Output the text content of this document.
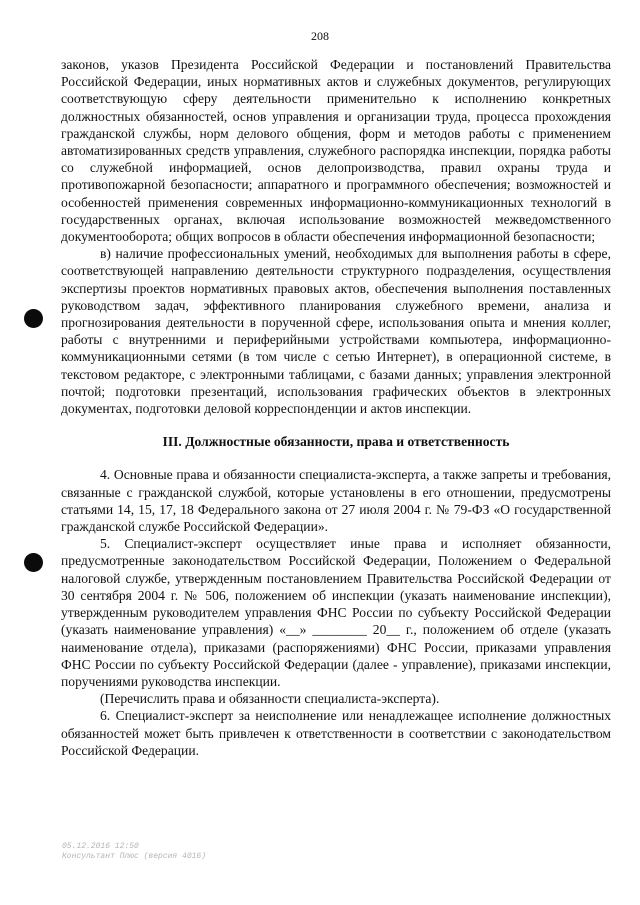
208

законов, указов Президента Российской Федерации и постановлений Правительства Российской Федерации, иных нормативных актов и служебных документов, регулирующих соответствующую сферу деятельности применительно к исполнению конкретных должностных обязанностей, основ управления и организации труда, процесса прохождения гражданской службы, норм делового общения, форм и методов работы с применением автоматизированных средств управления, служебного распорядка инспекции, порядка работы со служебной информацией, основ делопроизводства, правил охраны труда и противопожарной безопасности; аппаратного и программного обеспечения; возможностей и особенностей применения современных информационно-коммуникационных технологий в государственных органах, включая использование возможностей межведомственного документооборота; общих вопросов в области обеспечения информационной безопасности;

в) наличие профессиональных умений, необходимых для выполнения работы в сфере, соответствующей направлению деятельности структурного подразделения, осуществления экспертизы проектов нормативных правовых актов, обеспечения выполнения поставленных руководством задач, эффективного планирования служебного времени, анализа и прогнозирования деятельности в порученной сфере, использования опыта и мнения коллег, работы с внутренними и периферийными устройствами компьютера, информационно-коммуникационными сетями (в том числе с сетью Интернет), в операционной системе, в текстовом редакторе, с электронными таблицами, с базами данных; управления электронной почтой; подготовки презентаций, использования графических объектов в электронных документах, подготовки деловой корреспонденции и актов инспекции.

III. Должностные обязанности, права и ответственность

4. Основные права и обязанности специалиста-эксперта, а также запреты и требования, связанные с гражданской службой, которые установлены в его отношении, предусмотрены статьями 14, 15, 17, 18 Федерального закона от 27 июля 2004 г. № 79-ФЗ «О государственной гражданской службе Российской Федерации».

5. Специалист-эксперт осуществляет иные права и исполняет обязанности, предусмотренные законодательством Российской Федерации, Положением о Федеральной налоговой службе, утвержденным постановлением Правительства Российской Федерации от 30 сентября 2004 г. № 506, положением об инспекции (указать наименование инспекции), утвержденным руководителем управления ФНС России по субъекту Российской Федерации (указать наименование управления) «__» ________ 20__ г., положением об отделе (указать наименование отдела), приказами (распоряжениями) ФНС России, приказами управления ФНС России по субъекту Российской Федерации (далее - управление), приказами инспекции, поручениями руководства инспекции.

(Перечислить права и обязанности специалиста-эксперта).

6. Специалист-эксперт за неисполнение или ненадлежащее исполнение должностных обязанностей может быть привлечен к ответственности в соответствии с законодательством Российской Федерации.

05.12.2016 12:50
Консультант Плюс (версия 4016)
